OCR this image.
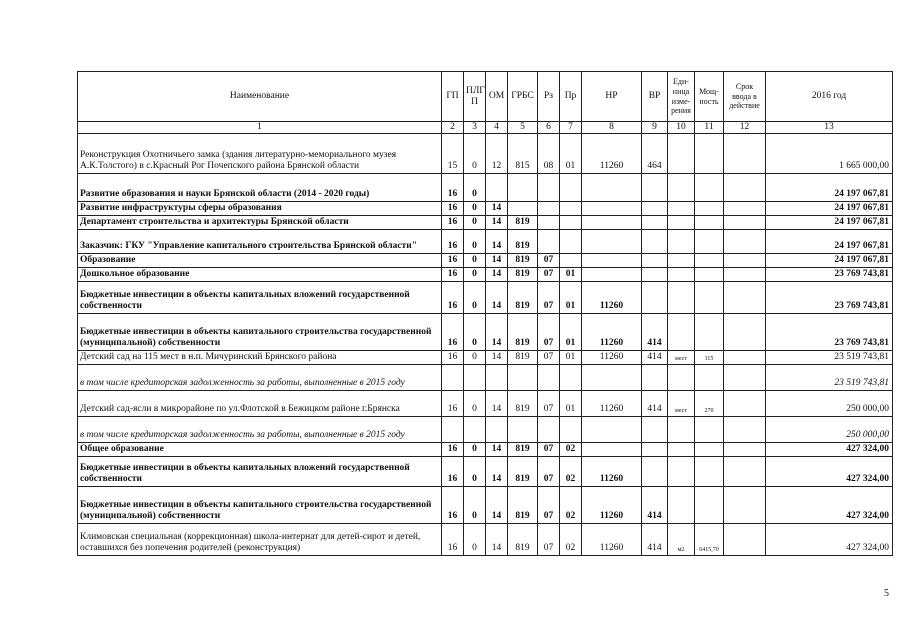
Наименование	ГП	ПЛГ П	ОМ	ГРБС	Рз	Пр	НР	ВР	Еди- ница изме- рения	Мощ- ность	Срок ввода в действие	2016 год
1	2	3	4	5	6	7	8	9	10	11	12	13
Реконструкция Охотничьего замка (здания литературно-мемориального музея А.К.Толстого) в с.Красный Рог Почепского района Брянской области	15	0	12	815	08	01	11260	464				1 665 000,00
Развитие образования и науки Брянской области (2014 - 2020 годы)	16	0										24 197 067,81
Развитие инфраструктуры сферы образования	16	0	14									24 197 067,81
Департамент строительства и архитектуры Брянской области	16	0	14	819								24 197 067,81
Заказчик: ГКУ "Управление капитального строительства Брянской области"	16	0	14	819								24 197 067,81
Образование	16	0	14	819	07							24 197 067,81
Дошкольное образование	16	0	14	819	07	01						23 769 743,81
Бюджетные инвестиции в объекты капитальных вложений государственной собственности	16	0	14	819	07	01	11260					23 769 743,81
Бюджетные инвестиции в объекты капитального строительства государственной (муниципальной) собственности	16	0	14	819	07	01	11260	414				23 769 743,81
Детский сад на 115 мест в н.п. Мичуринский Брянского района	16	0	14	819	07	01	11260	414	мест	115		23 519 743,81
в том числе кредиторская задолженность за работы, выполненные в 2015 году												23 519 743,81
Детский сад-ясли в микрорайоне по ул.Флотской в Бежицком районе г.Брянска	16	0	14	819	07	01	11260	414	мест	270		250 000,00
в том числе кредиторская задолженность за работы, выполненные в 2015 году												250 000,00
Общее образование	16	0	14	819	07	02						427 324,00
Бюджетные инвестиции в объекты капитальных вложений государственной собственности	16	0	14	819	07	02	11260					427 324,00
Бюджетные инвестиции в объекты капитального строительства государственной (муниципальной) собственности	16	0	14	819	07	02	11260	414				427 324,00
Климовская специальная (коррекционная) школа-интернат для детей-сирот и детей, оставшихся без попечения родителей (реконструкция)	16	0	14	819	07	02	11260	414	м2	6415,70		427 324,00
5
